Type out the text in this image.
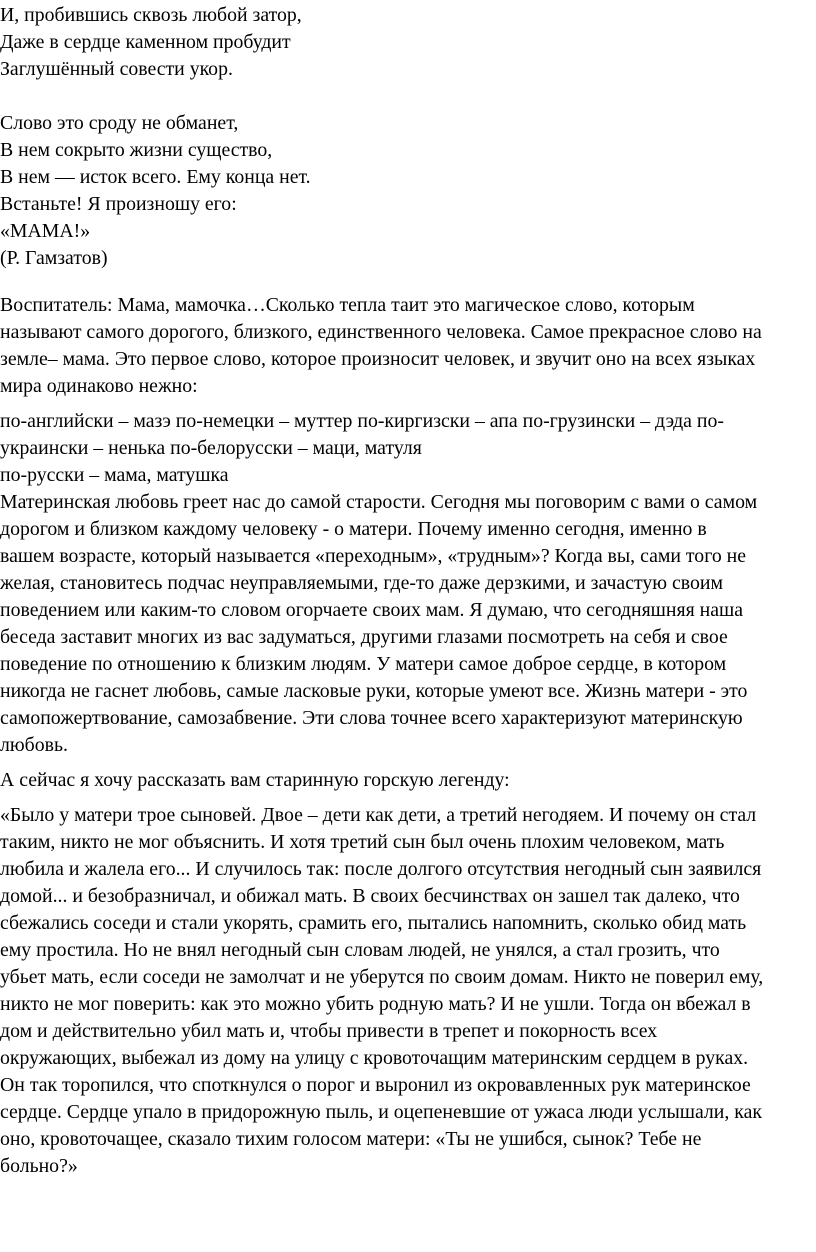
И, пробившись сквозь любой затор,
Даже в сердце каменном пробудит
Заглушённый совести укор.
Слово это сроду не обманет,
В нем сокрыто жизни существо,
В нем — исток всего. Ему конца нет.
Встаньте! Я произношу его:
«МАМА!»
(Р. Гамзатов)
Воспитатель: Мама, мамочка…Сколько тепла таит это магическое слово, которым
называют самого дорогого, близкого, единственного человека. Самое прекрасное слово на
земле– мама. Это первое слово, которое произносит человек, и звучит оно на всех языках
мира одинаково нежно:
по-английски – мазэ по-немецки – муттер по-киргизски – апа по-грузински – дэда по-
украински – ненька по-белорусски – маци, матуля
по-русски – мама, матушка
Материнская любовь греет нас до самой старости. Сегодня мы поговорим с вами о самом
дорогом и близком каждому человеку - о матери. Почему именно сегодня, именно в
вашем возрасте, который называется «переходным», «трудным»? Когда вы, сами того не
желая, становитесь подчас неуправляемыми, где-то даже дерзкими, и зачастую своим
поведением или каким-то словом огорчаете своих мам. Я думаю, что сегодняшняя наша
беседа заставит многих из вас задуматься, другими глазами посмотреть на себя и свое
поведение по отношению к близким людям. У матери самое доброе сердце, в котором
никогда не гаснет любовь, самые ласковые руки, которые умеют все. Жизнь матери - это
самопожертвование, самозабвение. Эти слова точнее всего характеризуют материнскую
любовь.
А сейчас я хочу рассказать вам старинную горскую легенду:
«Было у матери трое сыновей. Двое – дети как дети, а третий негодяем. И почему он стал
таким, никто не мог объяснить. И хотя третий сын был очень плохим человеком, мать
любила и жалела его... И случилось так: после долгого отсутствия негодный сын заявился
домой... и безобразничал, и обижал мать. В своих бесчинствах он зашел так далеко, что
сбежались соседи и стали укорять, срамить его, пытались напомнить, сколько обид мать
ему простила. Но не внял негодный сын словам людей, не унялся, а стал грозить, что
убьет мать, если соседи не замолчат и не уберутся по своим домам. Никто не поверил ему,
никто не мог поверить: как это можно убить родную мать? И не ушли. Тогда он вбежал в
дом и действительно убил мать и, чтобы привести в трепет и покорность всех
окружающих, выбежал из дому на улицу с кровоточащим материнским сердцем в руках.
Он так торопился, что споткнулся о порог и выронил из окровавленных рук материнское
сердце. Сердце упало в придорожную пыль, и оцепеневшие от ужаса люди услышали, как
оно, кровоточащее, сказало тихим голосом матери: «Ты не ушибся, сынок? Тебе не
больно?»
